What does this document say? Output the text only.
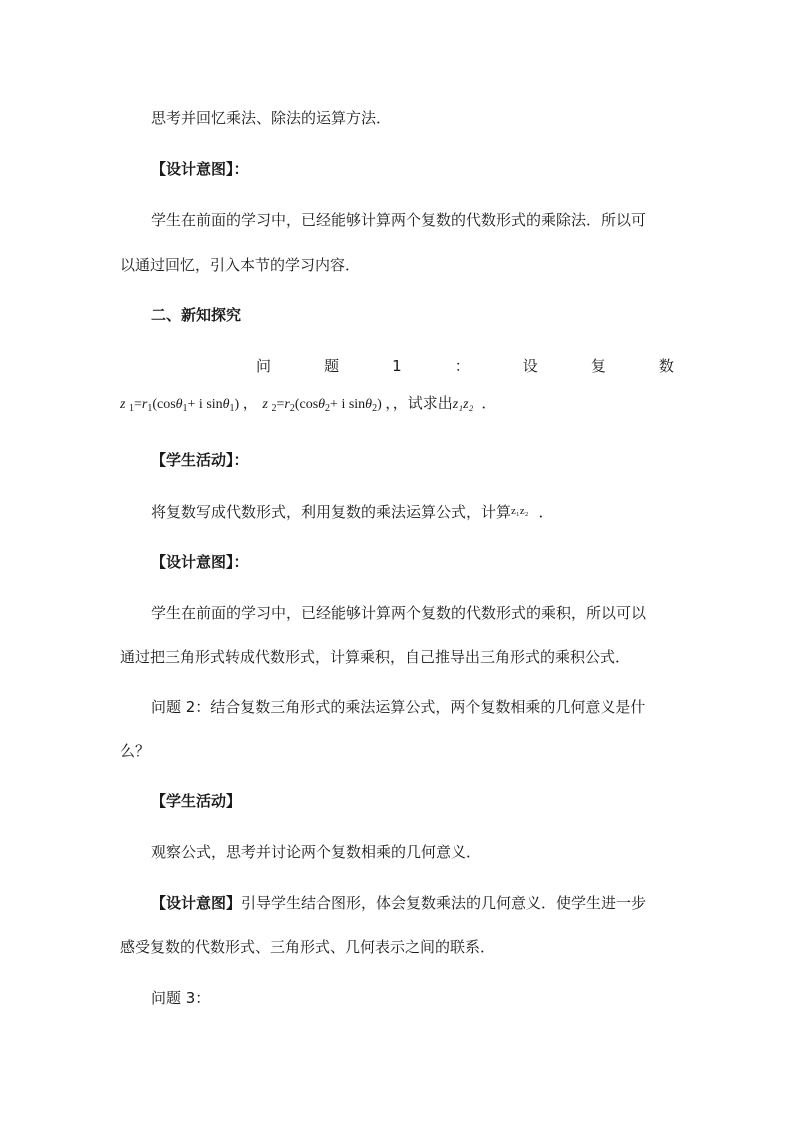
思考并回忆乘法、除法的运算方法．
【设计意图】：
学生在前面的学习中，已经能够计算两个复数的代数形式的乘除法．所以可
以通过回忆，引入本节的学习内容．
二、新知探究
问	题	1	：	设	复	数
z $_1=r_1(\cos\theta_1+ i$ sinθ$_1$) ， z $_2=r_2(\cos\theta_2+ i$ sinθ$_2$) ，，试求出z₁z₂ ．
【学生活动】：
将复数写成代数形式，利用复数的乘法运算公式，计算$^{z_1z_2}$ ．
【设计意图】：
学生在前面的学习中，已经能够计算两个复数的代数形式的乘积，所以可以
通过把三角形式转成代数形式，计算乘积，自己推导出三角形式的乘积公式．
问题 2：结合复数三角形式的乘法运算公式，两个复数相乘的几何意义是什
么？
【学生活动】
观察公式，思考并讨论两个复数相乘的几何意义．
【设计意图】引导学生结合图形，体会复数乘法的几何意义．使学生进一步
感受复数的代数形式、三角形式、几何表示之间的联系．
问题 3：
